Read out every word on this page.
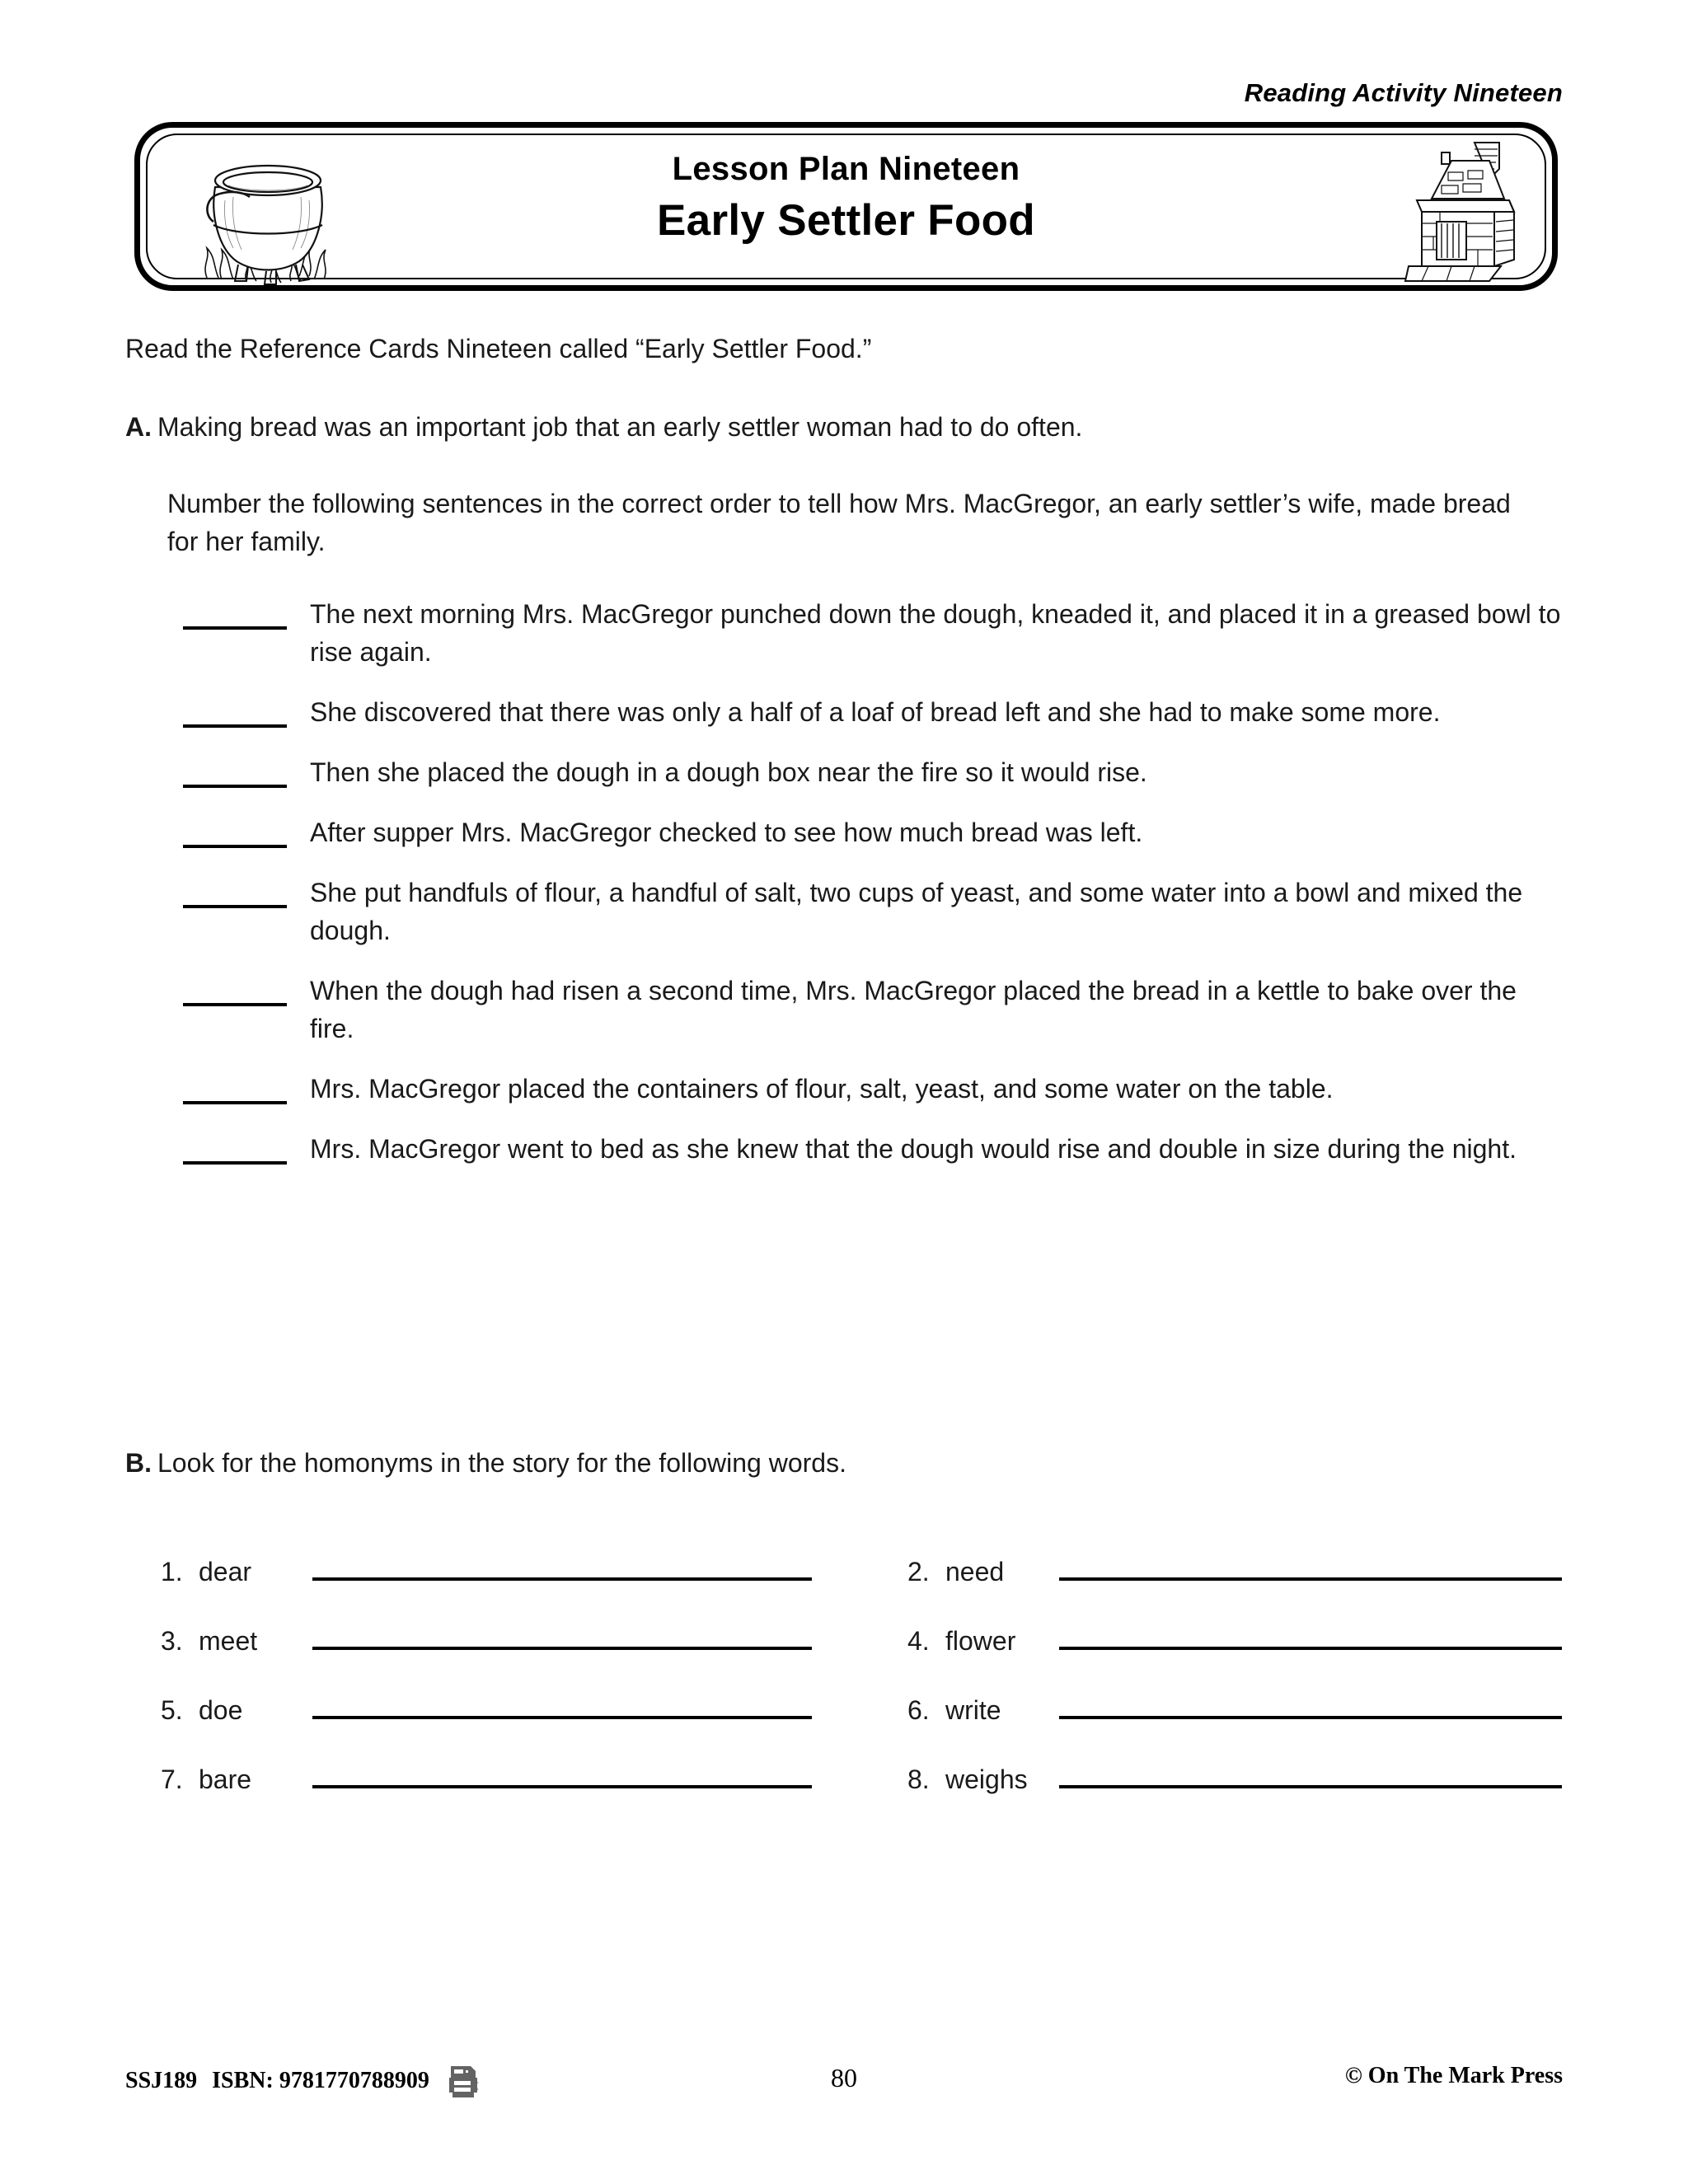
Reading Activity Nineteen
Lesson Plan Nineteen
Early Settler Food
Read the Reference Cards Nineteen called “Early Settler Food.”
A. Making bread was an important job that an early settler woman had to do often.
Number the following sentences in the correct order to tell how Mrs. MacGregor, an early settler’s wife, made bread for her family.
The next morning Mrs. MacGregor punched down the dough, kneaded it, and placed it in a greased bowl to rise again.
She discovered that there was only a half of a loaf of bread left and she had to make some more.
Then she placed the dough in a dough box near the fire so it would rise.
After supper Mrs. MacGregor checked to see how much bread was left.
She put handfuls of flour, a handful of salt, two cups of yeast, and some water into a bowl and mixed the dough.
When the dough had risen a second time, Mrs. MacGregor placed the bread in a kettle to bake over the fire.
Mrs. MacGregor placed the containers of flour, salt, yeast, and some water on the table.
Mrs. MacGregor went to bed as she knew that the dough would rise and double in size during the night.
B. Look for the homonyms in the story for the following words.
1. dear	2. need
3. meet	4. flower
5. doe	6. write
7. bare	8. weighs
SSJ189 ISBN: 9781770788909	80	© On The Mark Press
